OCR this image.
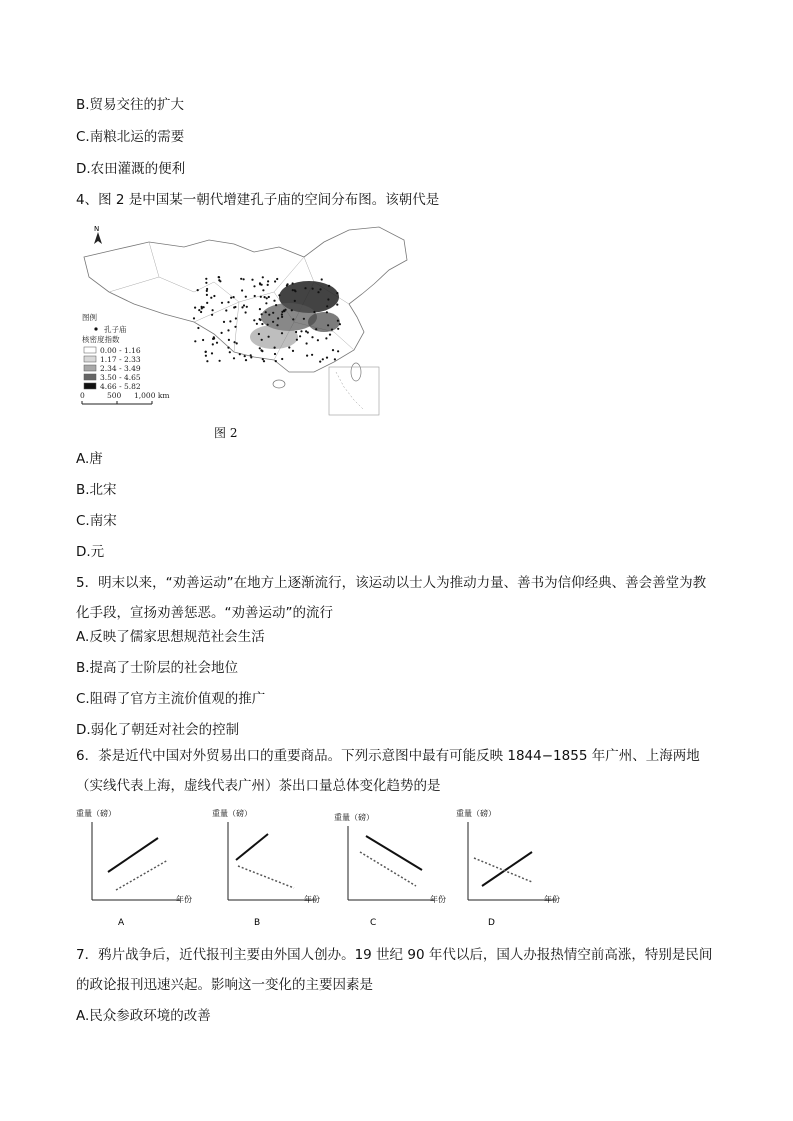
B.贸易交往的扩大
C.南粮北运的需要
D.农田灌溉的便利
4、图 2 是中国某一朝代增建孔子庙的空间分布图。该朝代是
N
图例
孔子庙
核密度指数
0.00 - 1.16
1.17 - 2.33
2.34 - 3.49
3.50 - 4.65
4.66 - 5.82
0	500 1,000 km
图 2
A.唐
B.北宋
C.南宋
D.元
5．明末以来，“劝善运动”在地方上逐渐流行，该运动以士人为推动力量、善书为信仰经典、善会善堂为教化手段，宣扬劝善惩恶。“劝善运动”的流行
A.反映了儒家思想规范社会生活
B.提高了士阶层的社会地位
C.阻碍了官方主流价值观的推广
D.弱化了朝廷对社会的控制
6．茶是近代中国对外贸易出口的重要商品。下列示意图中最有可能反映 1844−1855 年广州、上海两地（实线代表上海，虚线代表广州）茶出口量总体变化趋势的是
重量（磅）
年份
A
重量（磅）
年份
B
重量（磅）
年份
C
重量（磅）
年份
D
7．鸦片战争后，近代报刊主要由外国人创办。19 世纪 90 年代以后，国人办报热情空前高涨，特别是民间的政论报刊迅速兴起。影响这一变化的主要因素是
A.民众参政环境的改善
